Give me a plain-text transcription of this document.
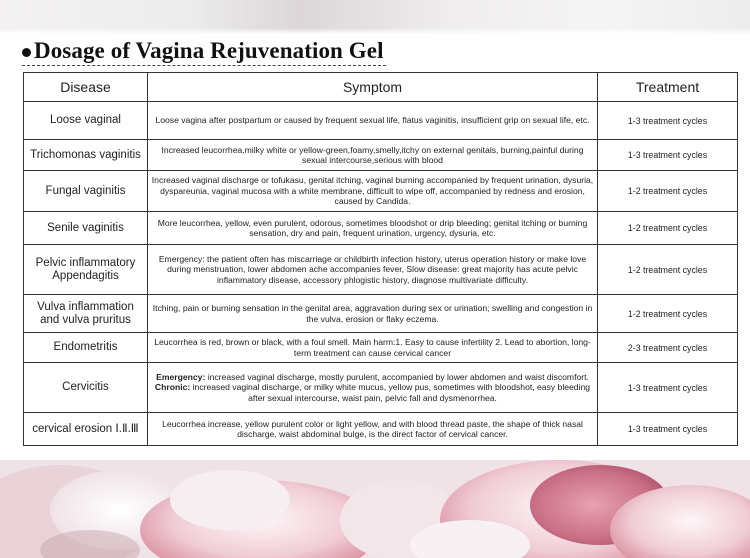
Dosage of Vagina Rejuvenation Gel
Disease	Symptom	Treatment
Loose vaginal	Loose vagina after postpartum or caused by frequent sexual life, flatus vaginitis, insufficient grip on sexual life, etc.	1-3 treatment cycles
Trichomonas vaginitis	Increased leucorrhea,milky white or yellow-green,foamy,smelly,itchy on external genitals, burning,painful during sexual intercourse,serious with blood	1-3 treatment cycles
Fungal vaginitis	Increased vaginal discharge or tofukasu, genital itching, vaginal burning accompanied by frequent urination, dysuria, dyspareunia, vaginal mucosa with a white membrane, difficult to wipe off, accompanied by redness and erosion, caused by Candida.	1-2 treatment cycles
Senile vaginitis	More leucorrhea, yellow, even purulent, odorous, sometimes bloodshot or drip bleeding; genital itching or burning sensation, dry and pain, frequent urination, urgency, dysuria, etc.	1-2 treatment cycles
Pelvic inflammatory Appendagitis	Emergency: the patient often has miscarriage or childbirth infection history, uterus operation history or make love during menstruation, lower abdomen ache accompanies fever, Slow disease: great majority has acute pelvic inflammatory disease, accessory phlogistic history, diagnose multivariate difficulty.	1-2 treatment cycles
Vulva inflammation and vulva pruritus	Itching, pain or burning sensation in the genital area, aggravation during sex or urination; swelling and congestion in the vulva, erosion or flaky eczema.	1-2 treatment cycles
Endometritis	Leucorrhea is red, brown or black, with a foul smell. Main harm:1. Easy to cause infertility 2. Lead to abortion, long-term treatment can cause cervical cancer	2-3 treatment cycles
Cervicitis	Emergency: increased vaginal discharge, mostly purulent, accompanied by lower abdomen and waist discomfort. Chronic: increased vaginal discharge, or milky white mucus, yellow pus, sometimes with bloodshot, easy bleeding after sexual intercourse, waist pain, pelvic fall and dysmenorrhea.	1-3 treatment cycles
cervical erosion Ⅰ.Ⅱ.Ⅲ	Leucorrhea increase, yellow purulent color or light yellow, and with blood thread paste, the shape of thick nasal discharge, waist abdominal bulge, is the direct factor of cervical cancer.	1-3 treatment cycles
